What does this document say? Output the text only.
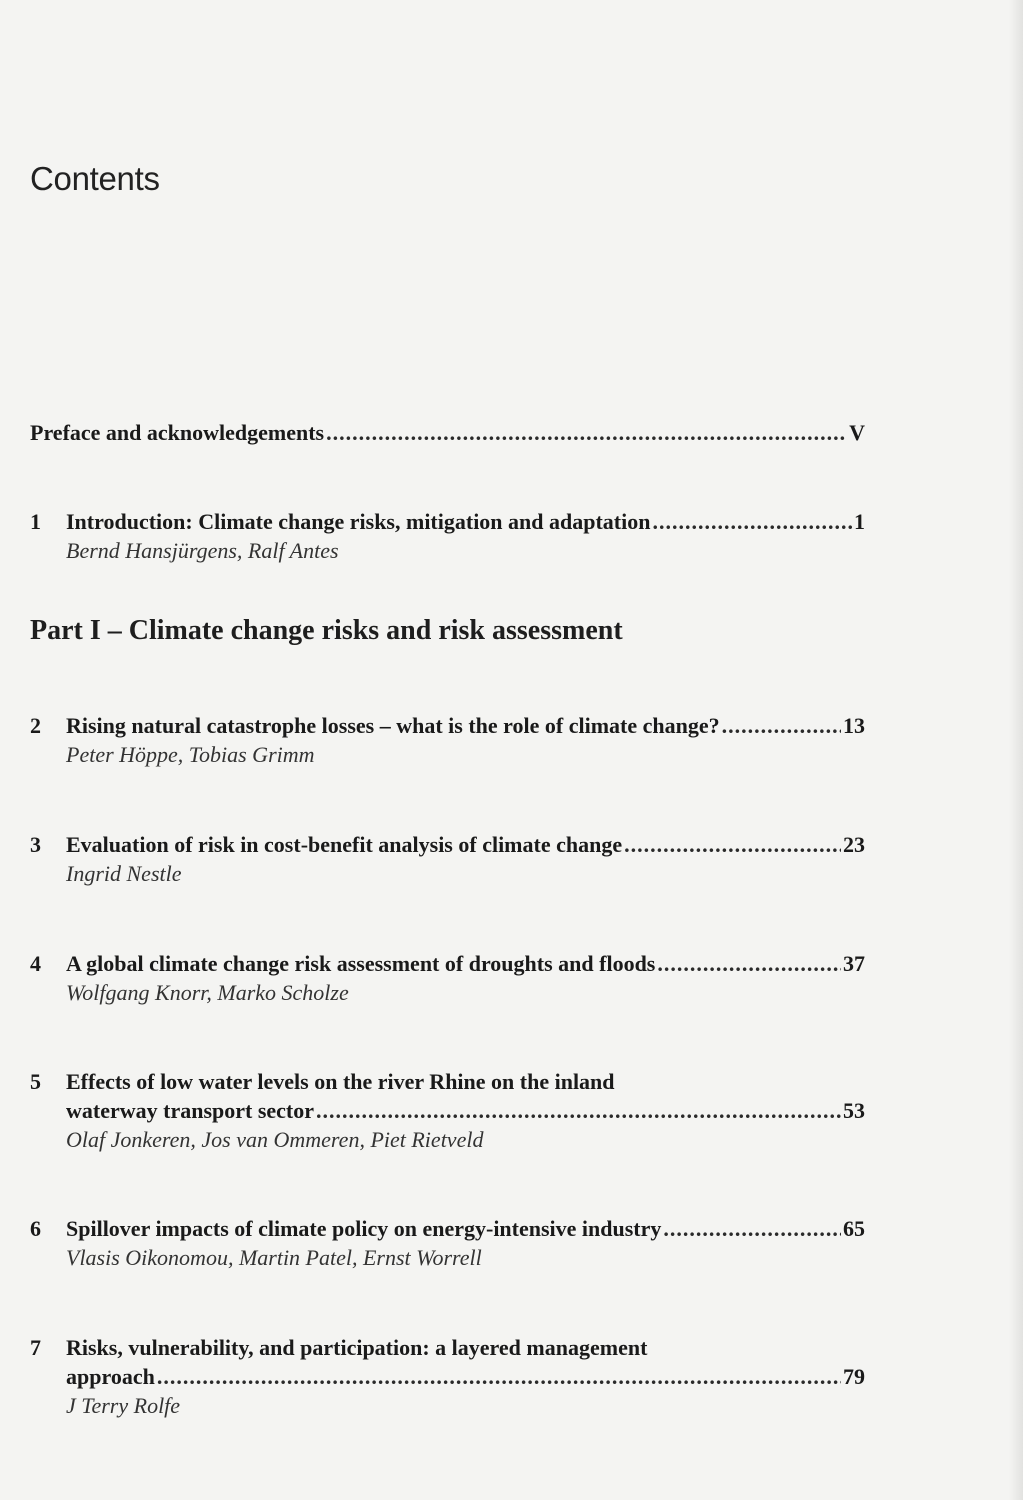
Contents
Preface and acknowledgements .....	V
1	Introduction: Climate change risks, mitigation and adaptation .....	1
Bernd Hansjürgens, Ralf Antes
2	Rising natural catastrophe losses – what is the role of climate change? .....	13
Peter Höppe, Tobias Grimm
3	Evaluation of risk in cost-benefit analysis of climate change .....	23
Ingrid Nestle
4	A global climate change risk assessment of droughts and floods .....	37
Wolfgang Knorr, Marko Scholze
5	Effects of low water levels on the river Rhine on the inland
waterway transport sector .....	53
Olaf Jonkeren, Jos van Ommeren, Piet Rietveld
6	Spillover impacts of climate policy on energy-intensive industry .....	65
Vlasis Oikonomou, Martin Patel, Ernst Worrell
7	Risks, vulnerability, and participation: a layered management
approach .....	79
J Terry Rolfe
Part I – Climate change risks and risk assessment
